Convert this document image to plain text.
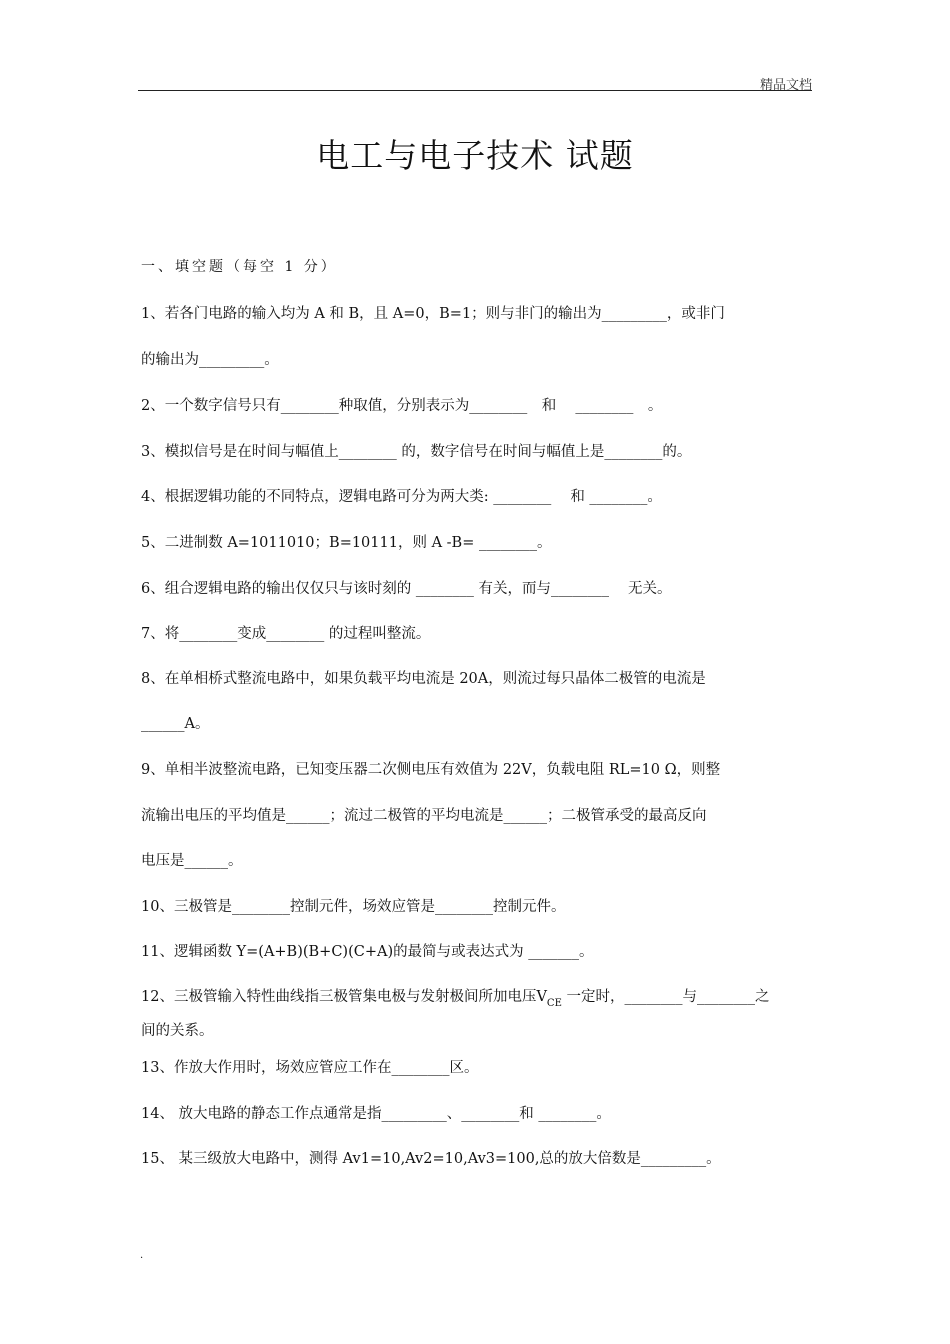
精品文档
电工与电子技术 试题
一、填空题（每空 1 分）
1、若各门电路的输入均为 A 和 B，且 A=0，B=1；则与非门的输出为_________，或非门
的输出为_________。
2、一个数字信号只有________种取值，分别表示为________　和　 ________　。
3、模拟信号是在时间与幅值上________ 的，数字信号在时间与幅值上是________的。
4、根据逻辑功能的不同特点，逻辑电路可分为两大类: ________　 和 ________。
5、二进制数 A=1011010；B=10111，则 A -B= ________。
6、组合逻辑电路的输出仅仅只与该时刻的 ________ 有关，而与________　 无关。
7、将________变成________ 的过程叫整流。
8、在单相桥式整流电路中，如果负载平均电流是 20A，则流过每只晶体二极管的电流是
______A。
9、单相半波整流电路，已知变压器二次侧电压有效值为 22V，负载电阻 RL=10 Ω，则整
流输出电压的平均值是______；流过二极管的平均电流是______；二极管承受的最高反向
电压是______。
10、三极管是________控制元件，场效应管是________控制元件。
11、逻辑函数 Y=(A+B)(B+C)(C+A)的最简与或表达式为 _______。
12、三极管输入特性曲线指三极管集电极与发射极间所加电压$V_{CE}$ 一定时，________与________之
间的关系。
13、作放大作用时，场效应管应工作在________区。
14、 放大电路的静态工作点通常是指_________、________和 ________。
15、 某三级放大电路中，测得 Av1=10,Av2=10,Av3=100,总的放大倍数是_________。
.
